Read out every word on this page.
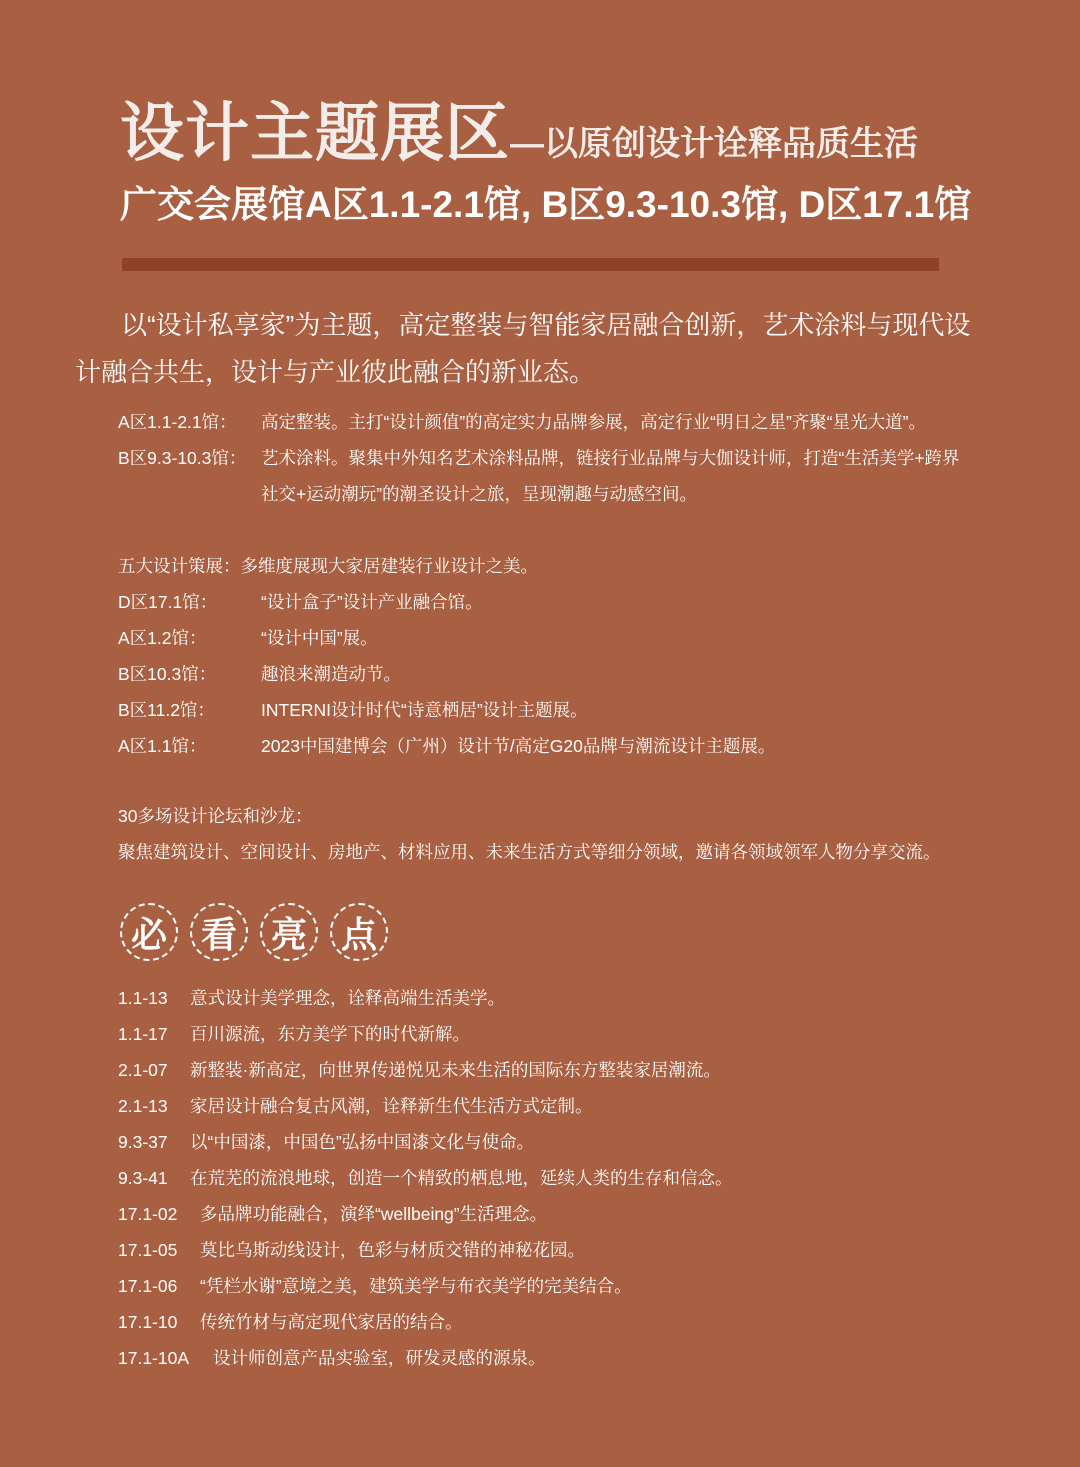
设计主题展区—以原创设计诠释品质生活
广交会展馆A区1.1-2.1馆, B区9.3-10.3馆, D区17.1馆
以“设计私享家”为主题，高定整装与智能家居融合创新，艺术涂料与现代设计融合共生，设计与产业彼此融合的新业态。
A区1.1-2.1馆： 高定整装。主打“设计颜值”的高定实力品牌参展，高定行业“明日之星”齐聚“星光大道”。
B区9.3-10.3馆： 艺术涂料。聚集中外知名艺术涂料品牌，链接行业品牌与大伽设计师，打造“生活美学+跨界社交+运动潮玩”的潮圣设计之旅，呈现潮趣与动感空间。
五大设计策展：多维度展现大家居建装行业设计之美。
D区17.1馆：	“设计盒子”设计产业融合馆。
A区1.2馆：	“设计中国”展。
B区10.3馆：	趣浪来潮造动节。
B区11.2馆：	INTERNI设计时代“诗意栖居”设计主题展。
A区1.1馆：	2023中国建博会（广州）设计节/高定G20品牌与潮流设计主题展。
30多场设计论坛和沙龙：
聚焦建筑设计、空间设计、房地产、材料应用、未来生活方式等细分领域，邀请各领域领军人物分享交流。
必 看 亮 点
1.1-13 意式设计美学理念，诠释高端生活美学。
1.1-17 百川源流，东方美学下的时代新解。
2.1-07 新整装·新高定，向世界传递悦见未来生活的国际东方整装家居潮流。
2.1-13 家居设计融合复古风潮，诠释新生代生活方式定制。
9.3-37 以“中国漆，中国色”弘扬中国漆文化与使命。
9.3-41 在荒芜的流浪地球，创造一个精致的栖息地，延续人类的生存和信念。
17.1-02 多品牌功能融合，演绎“wellbeing”生活理念。
17.1-05 莫比乌斯动线设计，色彩与材质交错的神秘花园。
17.1-06 “凭栏水谢”意境之美，建筑美学与布衣美学的完美结合。
17.1-10 传统竹材与高定现代家居的结合。
17.1-10A 设计师创意产品实验室，研发灵感的源泉。
